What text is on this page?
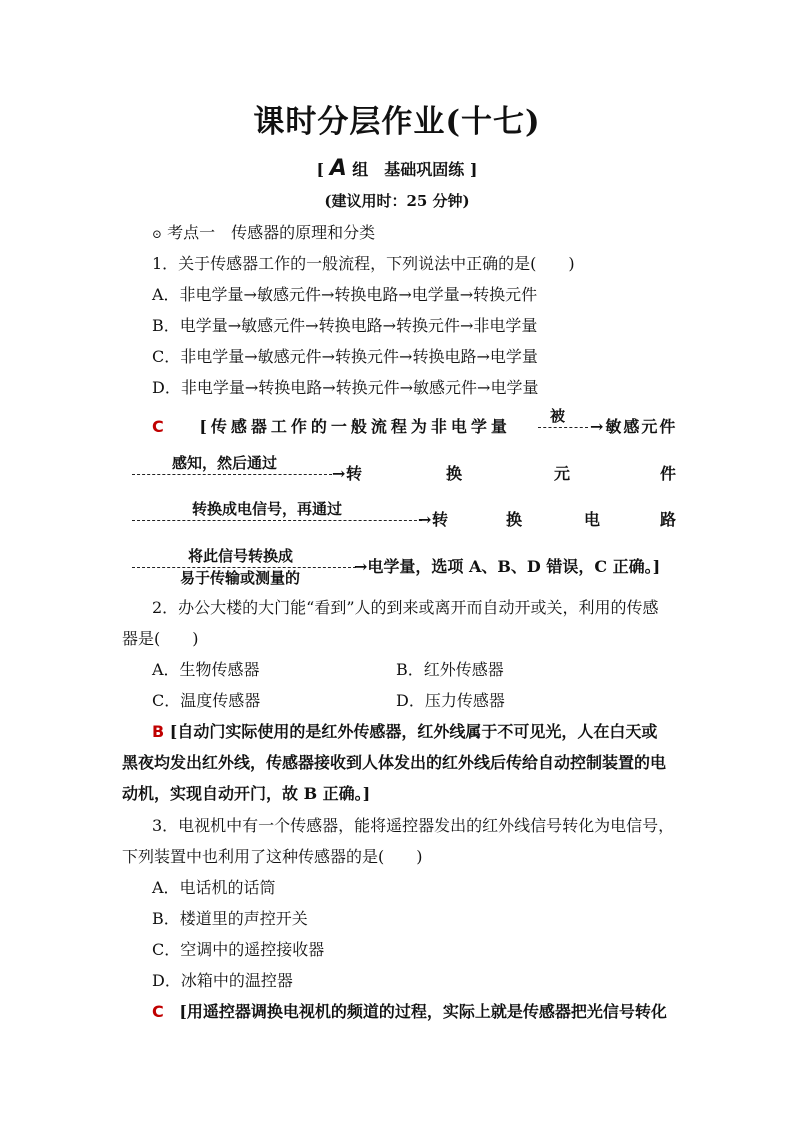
课时分层作业(十七)
[ A 组　基础巩固练 ]
(建议用时：25 分钟)
⊙ 考点一　传感器的原理和分类
1．关于传感器工作的一般流程，下列说法中正确的是(　　)
A．非电学量→敏感元件→转换电路→电学量→转换元件
B．电学量→敏感元件→转换电路→转换元件→非电学量
C．非电学量→敏感元件→转换元件→转换电路→电学量
D．非电学量→转换电路→转换元件→敏感元件→电学量
C [传感器工作的一般流程为非电学量
被
→敏感元件
感知，然后通过
→ 转	换	元	件
转换成电信号，再通过
→ 转	换	电	路
将此信号转换成
易于传输或测量的
→电学量，选项 A、B、D 错误，C 正确。]
2．办公大楼的大门能“看到”人的到来或离开而自动开或关，利用的传感
器是(　　)
A．生物传感器	B．红外传感器
C．温度传感器	D．压力传感器
B [自动门实际使用的是红外传感器，红外线属于不可见光，人在白天或
黑夜均发出红外线，传感器接收到人体发出的红外线后传给自动控制装置的电
动机，实现自动开门，故 B 正确。]
3．电视机中有一个传感器，能将遥控器发出的红外线信号转化为电信号，
下列装置中也利用了这种传感器的是(　　)
A．电话机的话筒
B．楼道里的声控开关
C．空调中的遥控接收器
D．冰箱中的温控器
C [用遥控器调换电视机的频道的过程，实际上就是传感器把光信号转化
